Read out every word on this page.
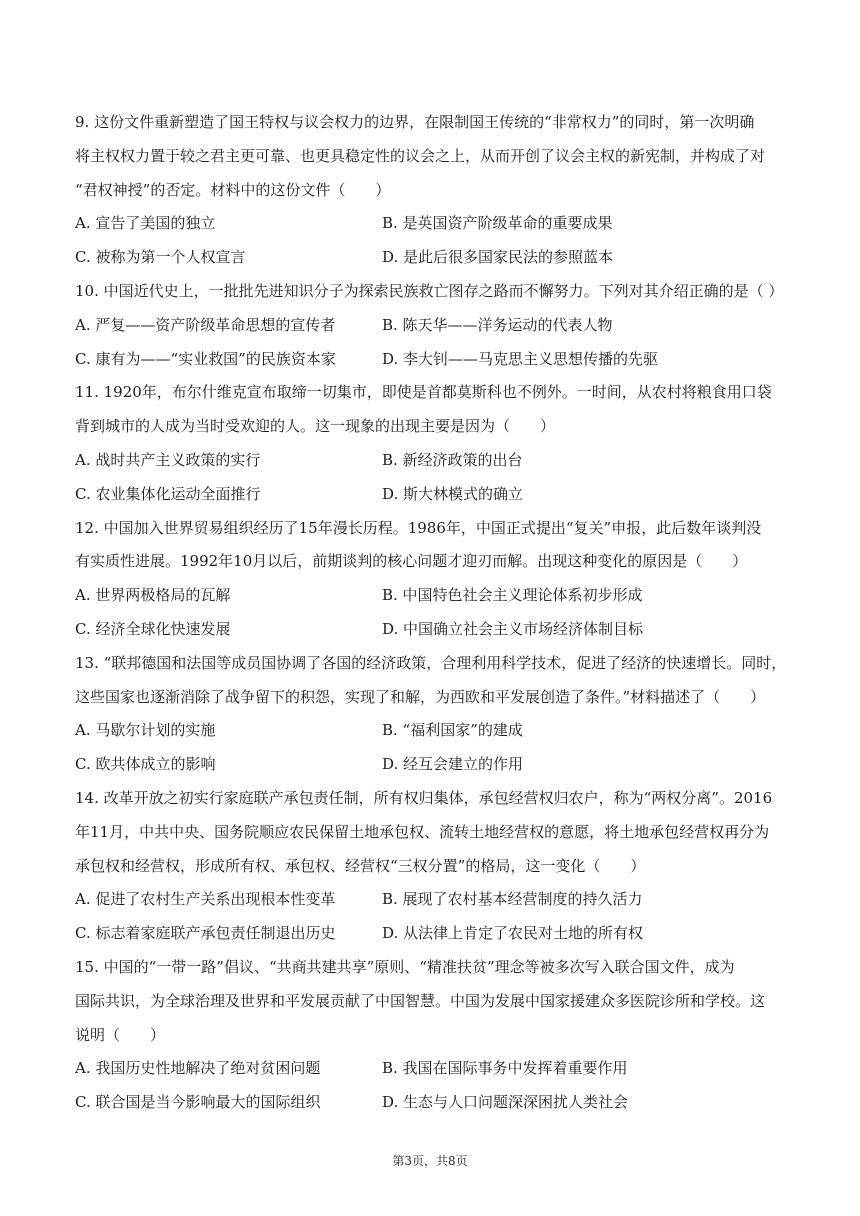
9. 这份文件重新塑造了国王特权与议会权力的边界，在限制国王传统的“非常权力”的同时，第一次明确
将主权权力置于较之君主更可靠、也更具稳定性的议会之上，从而开创了议会主权的新宪制，并构成了对
“君权神授”的否定。材料中的这份文件（　　）
A. 宣告了美国的独立	B. 是英国资产阶级革命的重要成果
C. 被称为第一个人权宣言	D. 是此后很多国家民法的参照蓝本
10. 中国近代史上，一批批先进知识分子为探索民族救亡图存之路而不懈努力。下列对其介绍正确的是（ ）
A. 严复——资产阶级革命思想的宣传者	B. 陈天华——洋务运动的代表人物
C. 康有为——“实业救国”的民族资本家	D. 李大钊——马克思主义思想传播的先驱
11. 1920年，布尔什维克宣布取缔一切集市，即使是首都莫斯科也不例外。一时间，从农村将粮食用口袋
背到城市的人成为当时受欢迎的人。这一现象的出现主要是因为（　　）
A. 战时共产主义政策的实行	B. 新经济政策的出台
C. 农业集体化运动全面推行	D. 斯大林模式的确立
12. 中国加入世界贸易组织经历了15年漫长历程。1986年，中国正式提出“复关”申报，此后数年谈判没
有实质性进展。1992年10月以后，前期谈判的核心问题才迎刃而解。出现这种变化的原因是（　　）
A. 世界两极格局的瓦解	B. 中国特色社会主义理论体系初步形成
C. 经济全球化快速发展	D. 中国确立社会主义市场经济体制目标
13. “联邦德国和法国等成员国协调了各国的经济政策，合理利用科学技术，促进了经济的快速增长。同时，
这些国家也逐渐消除了战争留下的积怨，实现了和解，为西欧和平发展创造了条件。”材料描述了（　　）
A. 马歇尔计划的实施	B. “福利国家”的建成
C. 欧共体成立的影响	D. 经互会建立的作用
14. 改革开放之初实行家庭联产承包责任制，所有权归集体，承包经营权归农户，称为“两权分离”。2016
年11月，中共中央、国务院顺应农民保留土地承包权、流转土地经营权的意愿，将土地承包经营权再分为
承包权和经营权，形成所有权、承包权、经营权“三权分置”的格局，这一变化（　　）
A. 促进了农村生产关系出现根本性变革	B. 展现了农村基本经营制度的持久活力
C. 标志着家庭联产承包责任制退出历史	D. 从法律上肯定了农民对土地的所有权
15. 中国的“一带一路”倡议、“共商共建共享”原则、“精准扶贫”理念等被多次写入联合国文件，成为
国际共识，为全球治理及世界和平发展贡献了中国智慧。中国为发展中国家援建众多医院诊所和学校。这
说明（　　）
A. 我国历史性地解决了绝对贫困问题	B. 我国在国际事务中发挥着重要作用
C. 联合国是当今影响最大的国际组织	D. 生态与人口问题深深困扰人类社会
第3页，共8页
